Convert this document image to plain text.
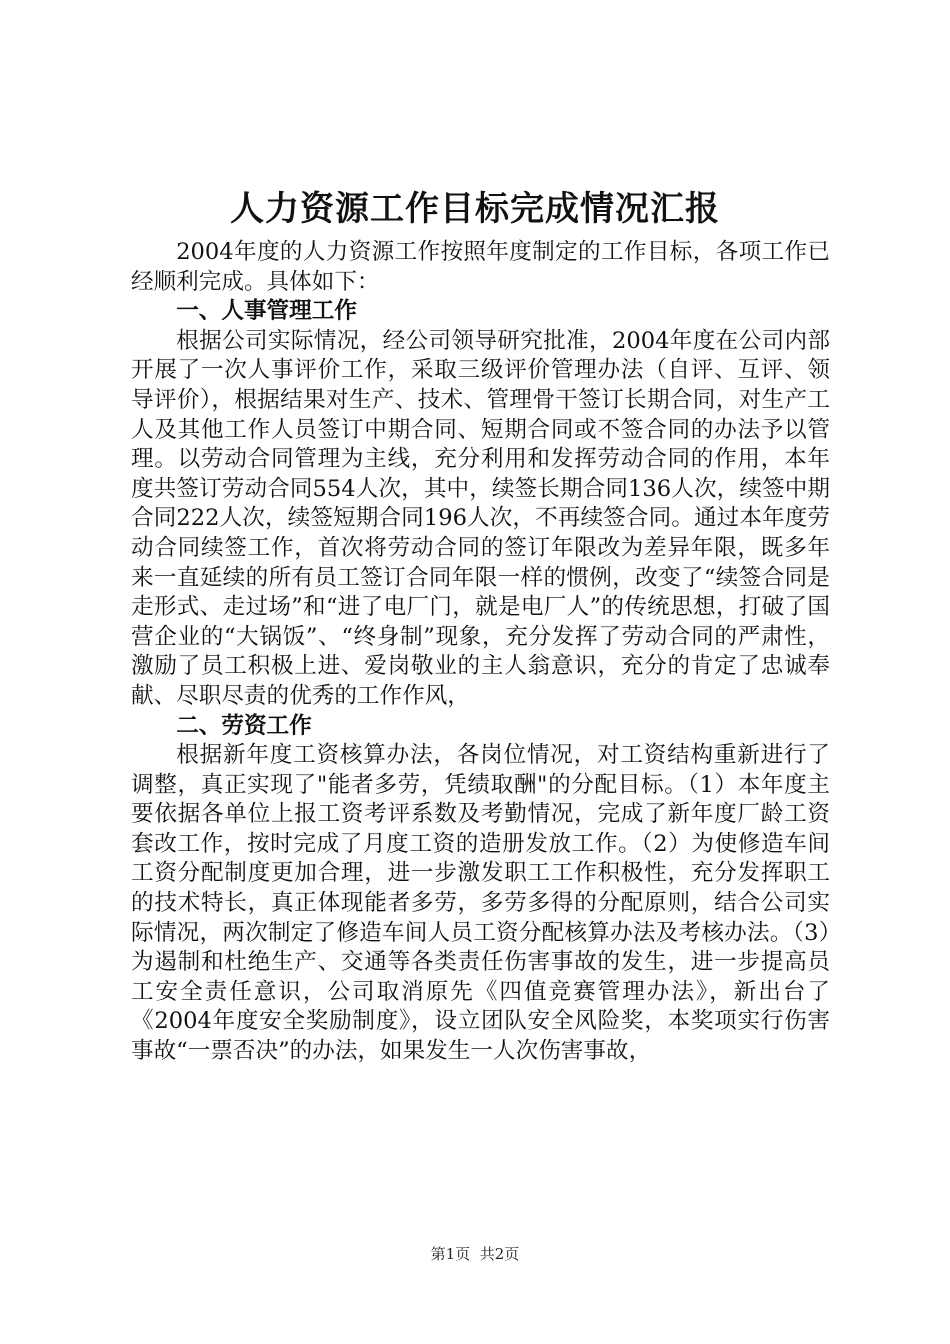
人力资源工作目标完成情况汇报

2004年度的人力资源工作按照年度制定的工作目标，各项工作已经顺利完成。具体如下：

一、人事管理工作

根据公司实际情况，经公司领导研究批准，2004年度在公司内部开展了一次人事评价工作，采取三级评价管理办法（自评、互评、领导评价），根据结果对生产、技术、管理骨干签订长期合同，对生产工人及其他工作人员签订中期合同、短期合同或不签合同的办法予以管理。以劳动合同管理为主线，充分利用和发挥劳动合同的作用，本年度共签订劳动合同554人次，其中，续签长期合同136人次，续签中期合同222人次，续签短期合同196人次，不再续签合同。通过本年度劳动合同续签工作，首次将劳动合同的签订年限改为差异年限，既多年来一直延续的所有员工签订合同年限一样的惯例，改变了“续签合同是走形式、走过场”和“进了电厂门，就是电厂人”的传统思想，打破了国营企业的“大锅饭”、“终身制”现象，充分发挥了劳动合同的严肃性，激励了员工积极上进、爱岗敬业的主人翁意识，充分的肯定了忠诚奉献、尽职尽责的优秀的工作作风，

二、劳资工作

根据新年度工资核算办法，各岗位情况，对工资结构重新进行了调整，真正实现了"能者多劳，凭绩取酬"的分配目标。（1）本年度主要依据各单位上报工资考评系数及考勤情况，完成了新年度厂龄工资套改工作，按时完成了月度工资的造册发放工作。（2）为使修造车间工资分配制度更加合理，进一步激发职工工作积极性，充分发挥职工的技术特长，真正体现能者多劳，多劳多得的分配原则，结合公司实际情况，两次制定了修造车间人员工资分配核算办法及考核办法。（3）为遏制和杜绝生产、交通等各类责任伤害事故的发生，进一步提高员工安全责任意识，公司取消原先《四值竞赛管理办法》，新出台了《2004年度安全奖励制度》，设立团队安全风险奖，本奖项实行伤害事故“一票否决”的办法，如果发生一人次伤害事故，

第1页 共2页
